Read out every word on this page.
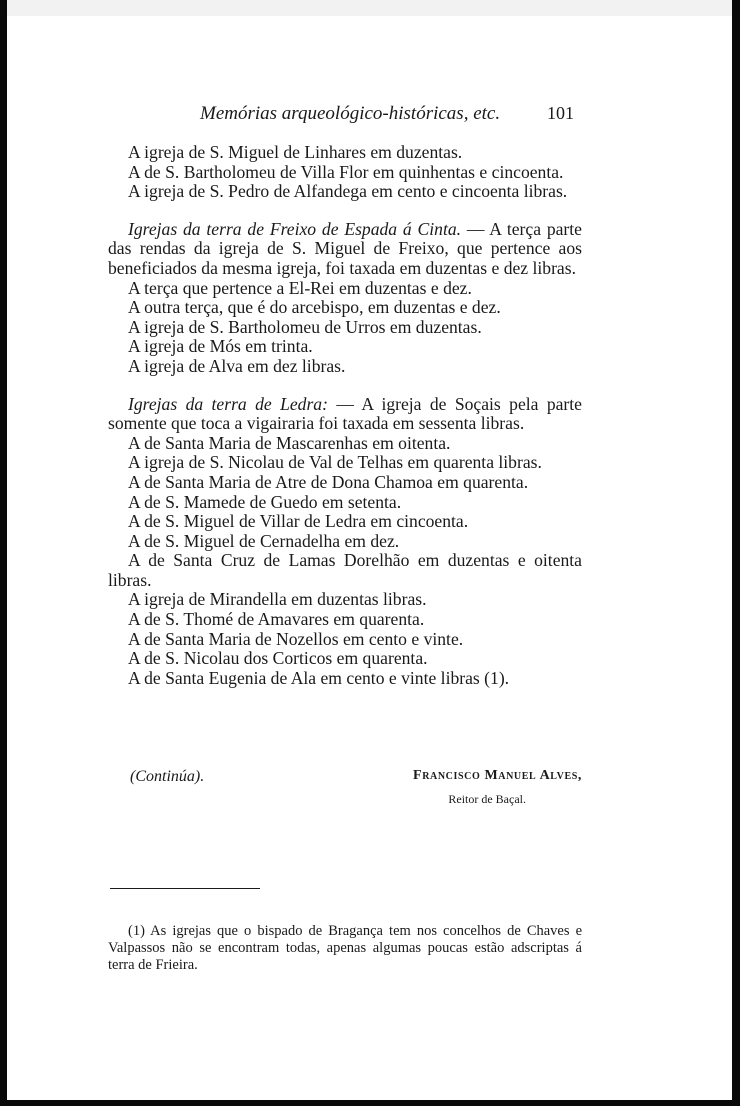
Memórias arqueológico-históricas, etc.	101

A igreja de S. Miguel de Linhares em duzentas.

A de S. Bartholomeu de Villa Flor em quinhentas e cincoenta.

A igreja de S. Pedro de Alfandega em cento e cincoenta libras.

Igrejas da terra de Freixo de Espada á Cinta. — A terça parte das rendas da igreja de S. Miguel de Freixo, que pertence aos beneficiados da mesma igreja, foi taxada em duzentas e dez libras.

A terça que pertence a El-Rei em duzentas e dez.

A outra terça, que é do arcebispo, em duzentas e dez.

A igreja de S. Bartholomeu de Urros em duzentas.

A igreja de Mós em trinta.

A igreja de Alva em dez libras.

Igrejas da terra de Ledra: — A igreja de Soçais pela parte somente que toca a vigairaria foi taxada em sessenta libras.

A de Santa Maria de Mascarenhas em oitenta.

A igreja de S. Nicolau de Val de Telhas em quarenta libras.

A de Santa Maria de Atre de Dona Chamoa em quarenta.

A de S. Mamede de Guedo em setenta.

A de S. Miguel de Villar de Ledra em cincoenta.

A de S. Miguel de Cernadelha em dez.

A de Santa Cruz de Lamas Dorelhão em duzentas e oitenta libras.

A igreja de Mirandella em duzentas libras.

A de S. Thomé de Amavares em quarenta.

A de Santa Maria de Nozellos em cento e vinte.

A de S. Nicolau dos Corticos em quarenta.

A de Santa Eugenia de Ala em cento e vinte libras (1).

(Continúa).	Francisco Manuel Alves,
Reitor de Baçal.

(1) As igrejas que o bispado de Bragança tem nos concelhos de Chaves e Valpassos não se encontram todas, apenas algumas poucas estão adscriptas á terra de Frieira.
